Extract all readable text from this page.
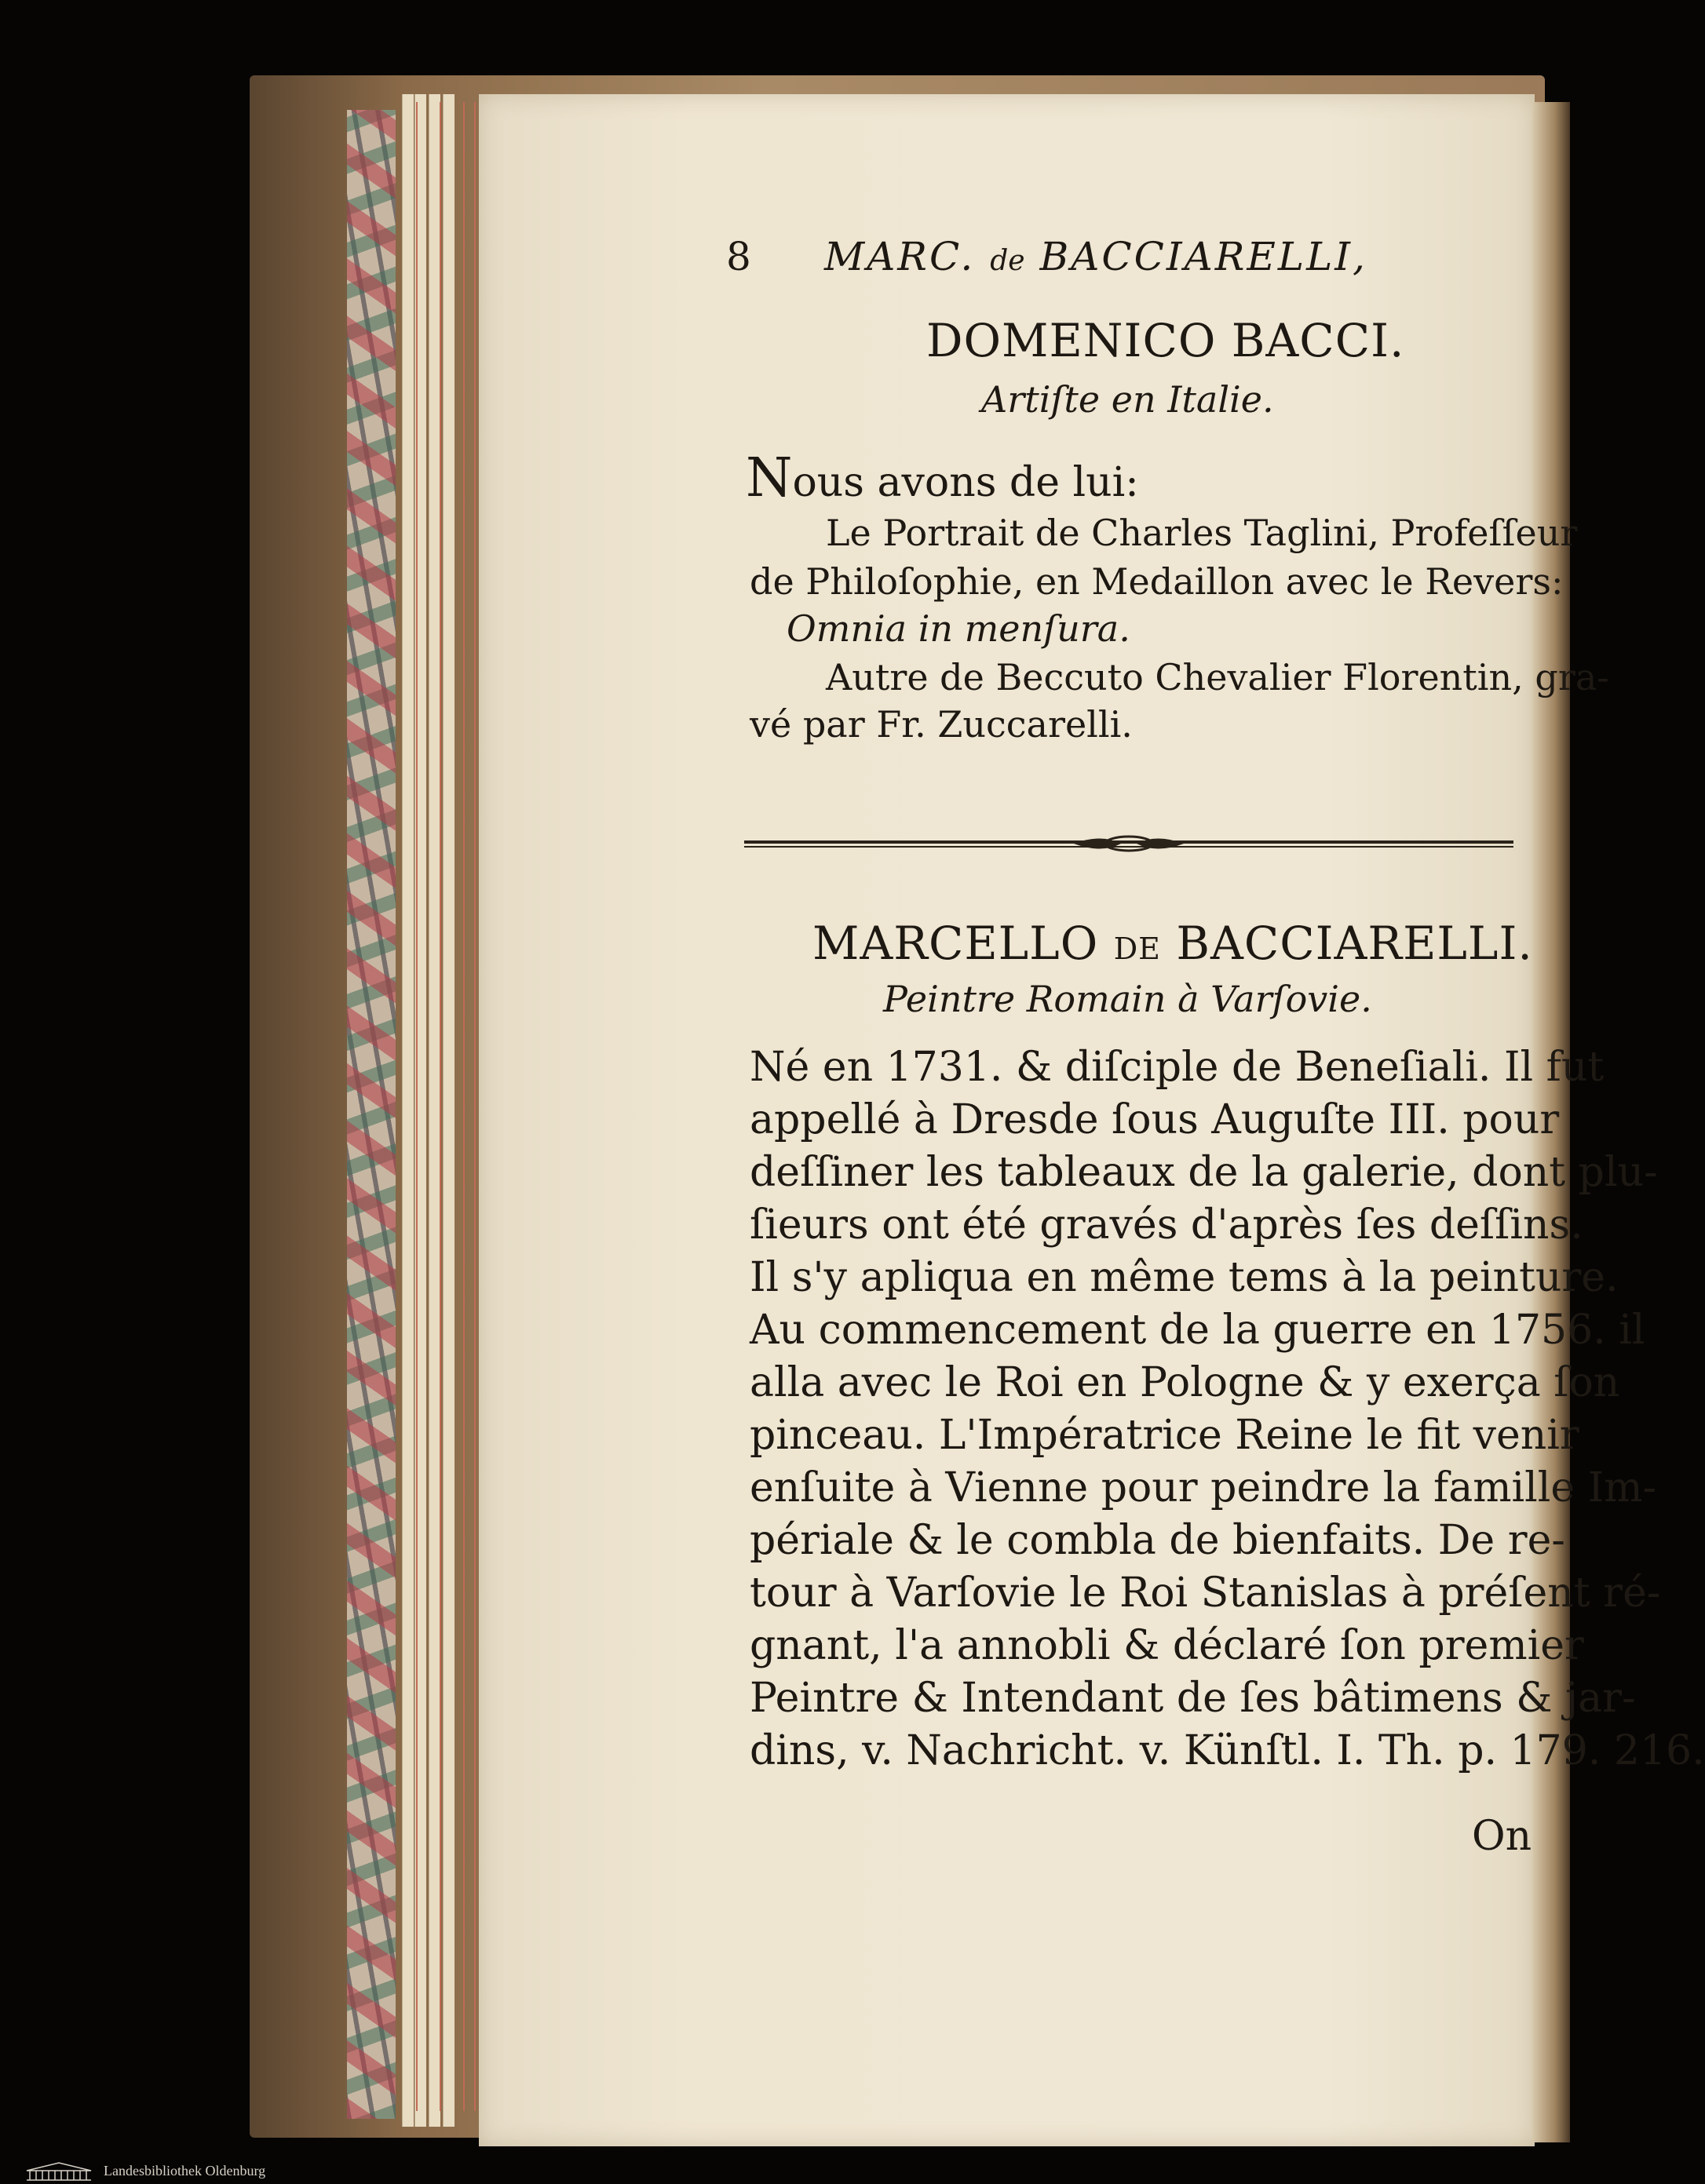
8 MARC. de BACCIARELLI,
DOMENICO BACCI.
Artiſte en Italie.
Nous avons de lui:
Le Portrait de Charles Taglini, Profeſſeur
de Philoſophie, en Medaillon avec le Revers:
Omnia in menſura.
Autre de Beccuto Chevalier Florentin, gra-
vé par Fr. Zuccarelli.
MARCELLO DE BACCIARELLI.
Peintre Romain à Varſovie.
Né en 1731. & diſciple de Beneſiali. Il fut
appellé à Dresde ſous Auguſte III. pour
deſſiner les tableaux de la galerie, dont plu-
ſieurs ont été gravés d'après ſes deſſins.
Il s'y apliqua en même tems à la peinture.
Au commencement de la guerre en 1756. il
alla avec le Roi en Pologne & y exerça ſon
pinceau. L'Impératrice Reine le fit venir
enſuite à Vienne pour peindre la famille Im-
périale & le combla de bienfaits. De re-
tour à Varſovie le Roi Stanislas à préſent ré-
gnant, l'a annobli & déclaré ſon premier
Peintre & Intendant de ſes bâtimens & jar-
dins, v. Nachricht. v. Künſtl. I. Th. p. 179. 216.
On
Landesbibliothek Oldenburg
